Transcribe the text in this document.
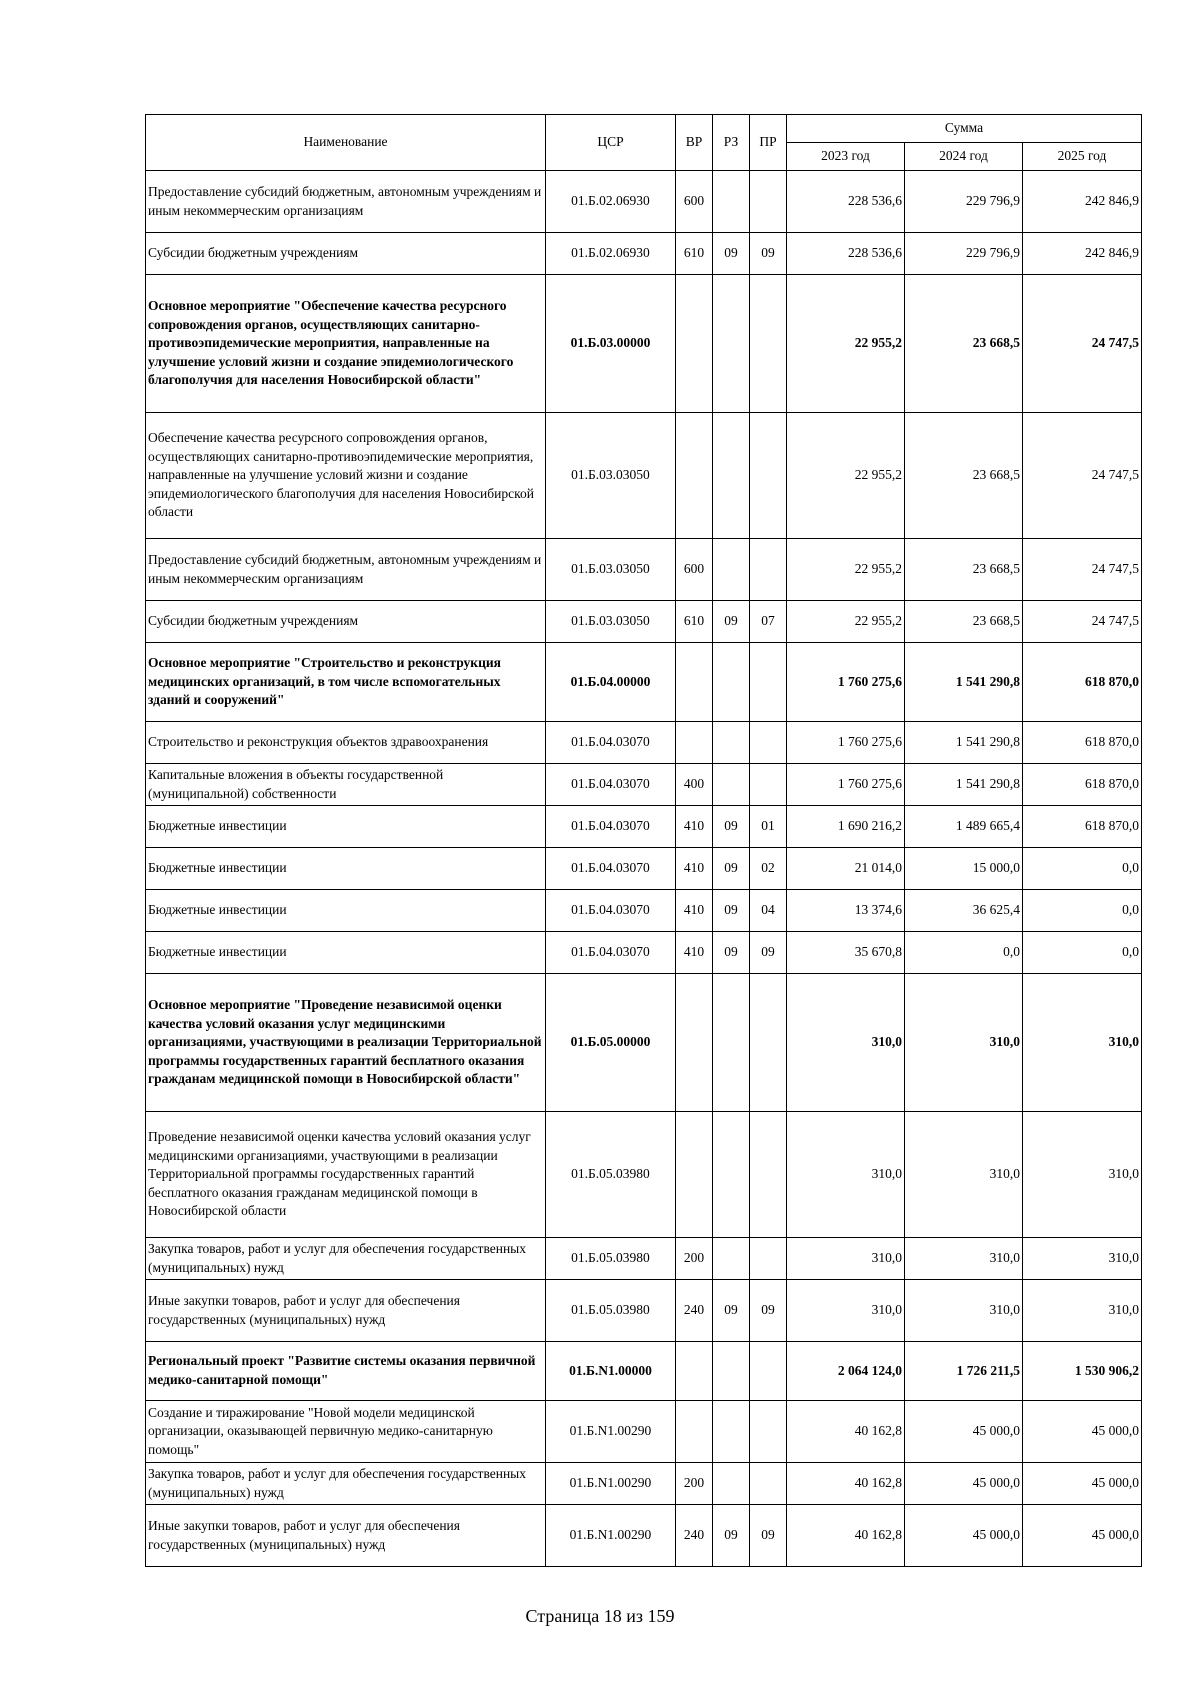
Наименование	ЦСР	ВР	РЗ	ПР	Сумма		
					2023 год	2024 год	2025 год
Предоставление субсидий бюджетным, автономным учреждениям и иным некоммерческим организациям	01.Б.02.06930	600			228 536,6	229 796,9	242 846,9
Субсидии бюджетным учреждениям	01.Б.02.06930	610	09	09	228 536,6	229 796,9	242 846,9
Основное мероприятие "Обеспечение качества ресурсного сопровождения органов, осуществляющих санитарно-противоэпидемические мероприятия, направленные на улучшение условий жизни и создание эпидемиологического благополучия для населения Новосибирской области"	01.Б.03.00000				22 955,2	23 668,5	24 747,5
Обеспечение качества ресурсного сопровождения органов, осуществляющих санитарно-противоэпидемические мероприятия, направленные на улучшение условий жизни и создание эпидемиологического благополучия для населения Новосибирской области	01.Б.03.03050				22 955,2	23 668,5	24 747,5
Предоставление субсидий бюджетным, автономным учреждениям и иным некоммерческим организациям	01.Б.03.03050	600			22 955,2	23 668,5	24 747,5
Субсидии бюджетным учреждениям	01.Б.03.03050	610	09	07	22 955,2	23 668,5	24 747,5
Основное мероприятие "Строительство и реконструкция медицинских организаций, в том числе вспомогательных зданий и сооружений"	01.Б.04.00000				1 760 275,6	1 541 290,8	618 870,0
Строительство и реконструкция объектов здравоохранения	01.Б.04.03070				1 760 275,6	1 541 290,8	618 870,0
Капитальные вложения в объекты государственной (муниципальной) собственности	01.Б.04.03070	400			1 760 275,6	1 541 290,8	618 870,0
Бюджетные инвестиции	01.Б.04.03070	410	09	01	1 690 216,2	1 489 665,4	618 870,0
Бюджетные инвестиции	01.Б.04.03070	410	09	02	21 014,0	15 000,0	0,0
Бюджетные инвестиции	01.Б.04.03070	410	09	04	13 374,6	36 625,4	0,0
Бюджетные инвестиции	01.Б.04.03070	410	09	09	35 670,8	0,0	0,0
Основное мероприятие "Проведение независимой оценки качества условий оказания услуг медицинскими организациями, участвующими в реализации Территориальной программы государственных гарантий бесплатного оказания гражданам медицинской помощи в Новосибирской области"	01.Б.05.00000				310,0	310,0	310,0
Проведение независимой оценки качества условий оказания услуг медицинскими организациями, участвующими в реализации Территориальной программы государственных гарантий бесплатного оказания гражданам медицинской помощи в Новосибирской области	01.Б.05.03980				310,0	310,0	310,0
Закупка товаров, работ и услуг для обеспечения государственных (муниципальных) нужд	01.Б.05.03980	200			310,0	310,0	310,0
Иные закупки товаров, работ и услуг для обеспечения государственных (муниципальных) нужд	01.Б.05.03980	240	09	09	310,0	310,0	310,0
Региональный проект "Развитие системы оказания первичной медико-санитарной помощи"	01.Б.N1.00000				2 064 124,0	1 726 211,5	1 530 906,2
Создание и тиражирование "Новой модели медицинской организации, оказывающей первичную медико-санитарную помощь"	01.Б.N1.00290				40 162,8	45 000,0	45 000,0
Закупка товаров, работ и услуг для обеспечения государственных (муниципальных) нужд	01.Б.N1.00290	200			40 162,8	45 000,0	45 000,0
Иные закупки товаров, работ и услуг для обеспечения государственных (муниципальных) нужд	01.Б.N1.00290	240	09	09	40 162,8	45 000,0	45 000,0
Страница 18 из 159
